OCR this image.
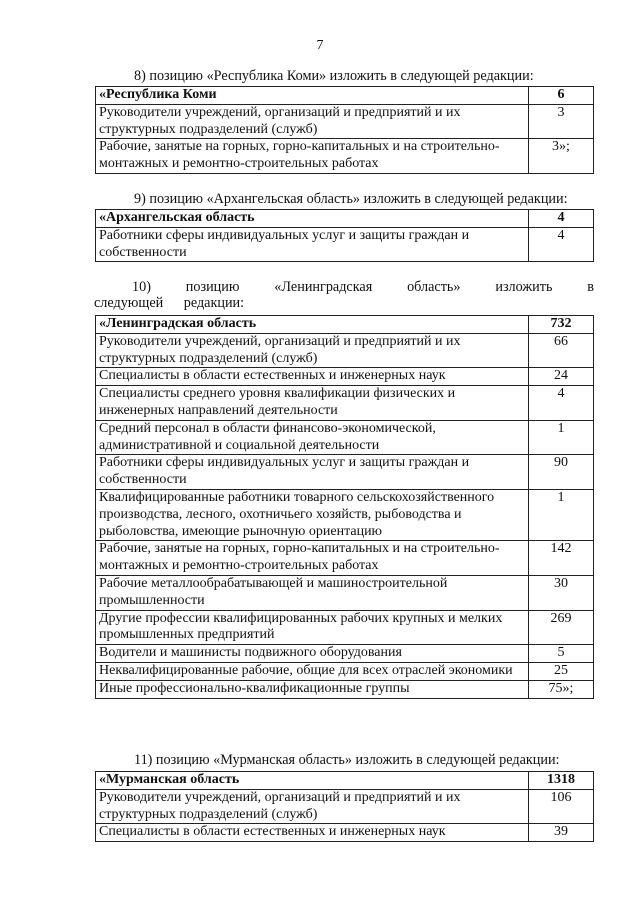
7
8) позицию «Республика Коми» изложить в следующей редакции:
«Республика Коми	6
Руководители учреждений, организаций и предприятий и их структурных подразделений (служб)	3
Рабочие, занятые на горных, горно-капитальных и на строительно-монтажных и ремонтно-строительных работах	3»;
9) позицию «Архангельская область» изложить в следующей редакции:
«Архангельская область	4
Работники сферы индивидуальных услуг и защиты граждан и собственности	4
10) позицию «Ленинградская область» изложить в следующей редакции:
«Ленинградская область	732
Руководители учреждений, организаций и предприятий и их структурных подразделений (служб)	66
Специалисты в области естественных и инженерных наук	24
Специалисты среднего уровня квалификации физических и инженерных направлений деятельности	4
Средний персонал в области финансово-экономической, административной и социальной деятельности	1
Работники сферы индивидуальных услуг и защиты граждан и собственности	90
Квалифицированные работники товарного сельскохозяйственного производства, лесного, охотничьего хозяйств, рыбоводства и рыболовства, имеющие рыночную ориентацию	1
Рабочие, занятые на горных, горно-капитальных и на строительно-монтажных и ремонтно-строительных работах	142
Рабочие металлообрабатывающей и машиностроительной промышленности	30
Другие профессии квалифицированных рабочих крупных и мелких промышленных предприятий	269
Водители и машинисты подвижного оборудования	5
Неквалифицированные рабочие, общие для всех отраслей экономики	25
Иные профессионально-квалификационные группы	75»;
11) позицию «Мурманская область» изложить в следующей редакции:
«Мурманская область	1318
Руководители учреждений, организаций и предприятий и их структурных подразделений (служб)	106
Специалисты в области естественных и инженерных наук	39
